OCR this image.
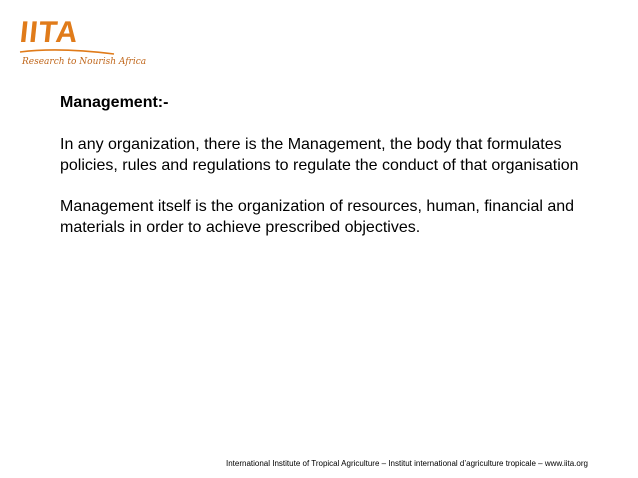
IITA
Research to Nourish Africa

Management:-

In any organization, there is the Management, the body that formulates policies, rules and regulations to regulate the conduct of that organisation

Management itself is the organization of resources, human, financial and materials in order to achieve prescribed objectives.

International Institute of Tropical Agriculture – Institut international d’agriculture tropicale – www.iita.org
